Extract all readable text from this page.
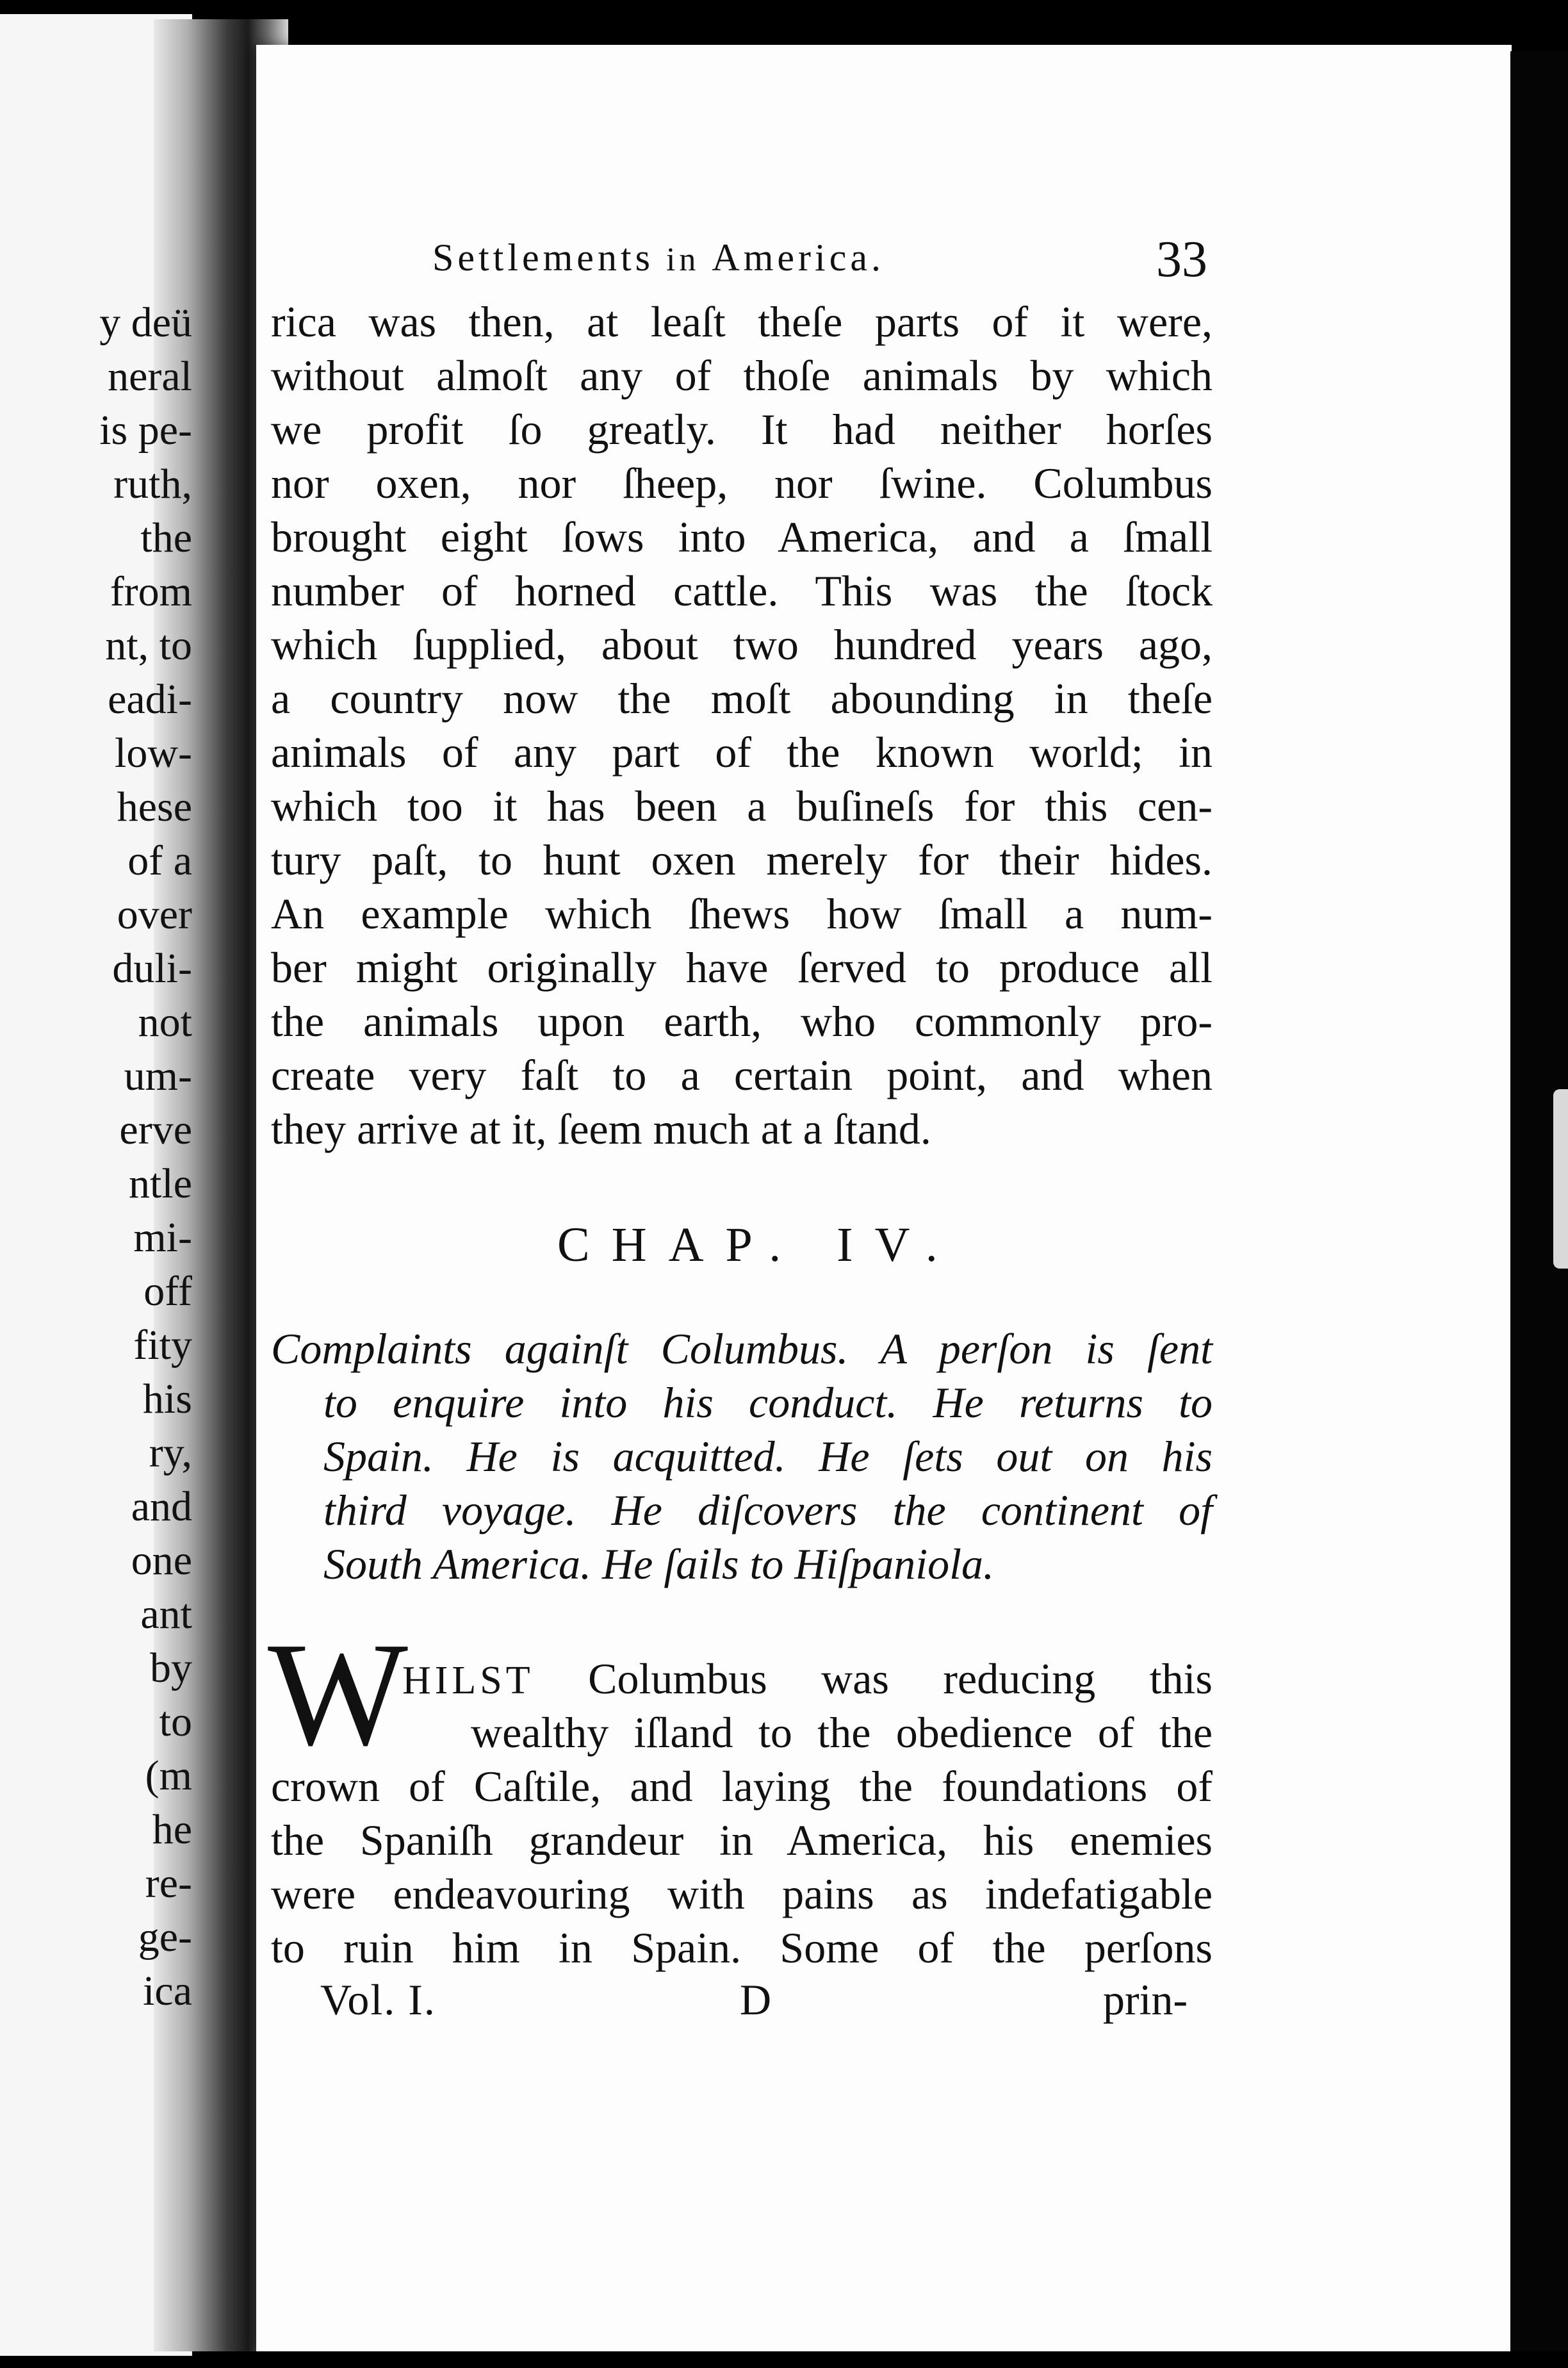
y deü
neral
is pe-
ruth,
the
from
nt, to
eadi-
low-
hese
of a
over
duli-
not
um-
erve
ntle
mi-
off
fity
his
ry,
and
one
ant
by
to
(m
he
re-
ge-
ica
Settlements in America.	33
rica was then, at leaſt theſe parts of it were,
without almoſt any of thoſe animals by which
we profit ſo greatly. It had neither horſes
nor oxen, nor ſheep, nor ſwine. Columbus
brought eight ſows into America, and a ſmall
number of horned cattle. This was the ſtock
which ſupplied, about two hundred years ago,
a country now the moſt abounding in theſe
animals of any part of the known world; in
which too it has been a buſineſs for this cen-
tury paſt, to hunt oxen merely for their hides.
An example which ſhews how ſmall a num-
ber might originally have ſerved to produce all
the animals upon earth, who commonly pro-
create very faſt to a certain point, and when
they arrive at it, ſeem much at a ſtand.
CHAP. IV.
Complaints againſt Columbus. A perſon is ſent
to enquire into his conduct. He returns to
Spain. He is acquitted. He ſets out on his
third voyage. He diſcovers the continent of
South America. He ſails to Hiſpaniola.
W
HILST Columbus was reducing this
wealthy iſland to the obedience of the
crown of Caſtile, and laying the foundations of
the Spaniſh grandeur in America, his enemies
were endeavouring with pains as indefatigable
to ruin him in Spain. Some of the perſons
Vol. I.	D	prin-
